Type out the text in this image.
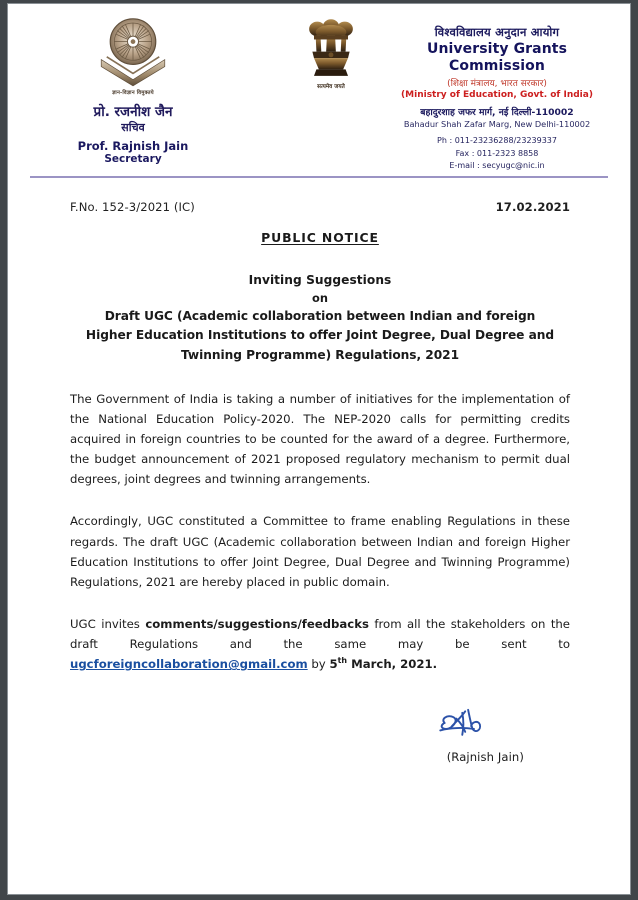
ज्ञान-विज्ञान विमुक्तये
प्रो. रजनीश जैन
सचिव
Prof. Rajnish Jain
Secretary
सत्यमेव जयते
विश्वविद्यालय अनुदान आयोग
University Grants Commission
(शिक्षा मंत्रालय, भारत सरकार)
(Ministry of Education, Govt. of India)
बहादुरशाह जफर मार्ग, नई दिल्ली-110002
Bahadur Shah Zafar Marg, New Delhi-110002
Ph : 011-23236288/23239337
Fax : 011-2323 8858
E-mail : secyugc@nic.in
F.No. 152-3/2021 (IC)	17.02.2021
PUBLIC NOTICE
Inviting Suggestions
on
Draft UGC (Academic collaboration between Indian and foreign
Higher Education Institutions to offer Joint Degree, Dual Degree and
Twinning Programme) Regulations, 2021

The Government of India is taking a number of initiatives for the implementation of the National Education Policy-2020. The NEP-2020 calls for permitting credits acquired in foreign countries to be counted for the award of a degree. Furthermore, the budget announcement of 2021 proposed regulatory mechanism to permit dual degrees, joint degrees and twinning arrangements.

Accordingly, UGC constituted a Committee to frame enabling Regulations in these regards. The draft UGC (Academic collaboration between Indian and foreign Higher Education Institutions to offer Joint Degree, Dual Degree and Twinning Programme) Regulations, 2021 are hereby placed in public domain.

UGC invites comments/suggestions/feedbacks from all the stakeholders on the draft Regulations and the same may be sent to ugcforeigncollaboration@gmail.com by 5th March, 2021.

(Rajnish Jain)
